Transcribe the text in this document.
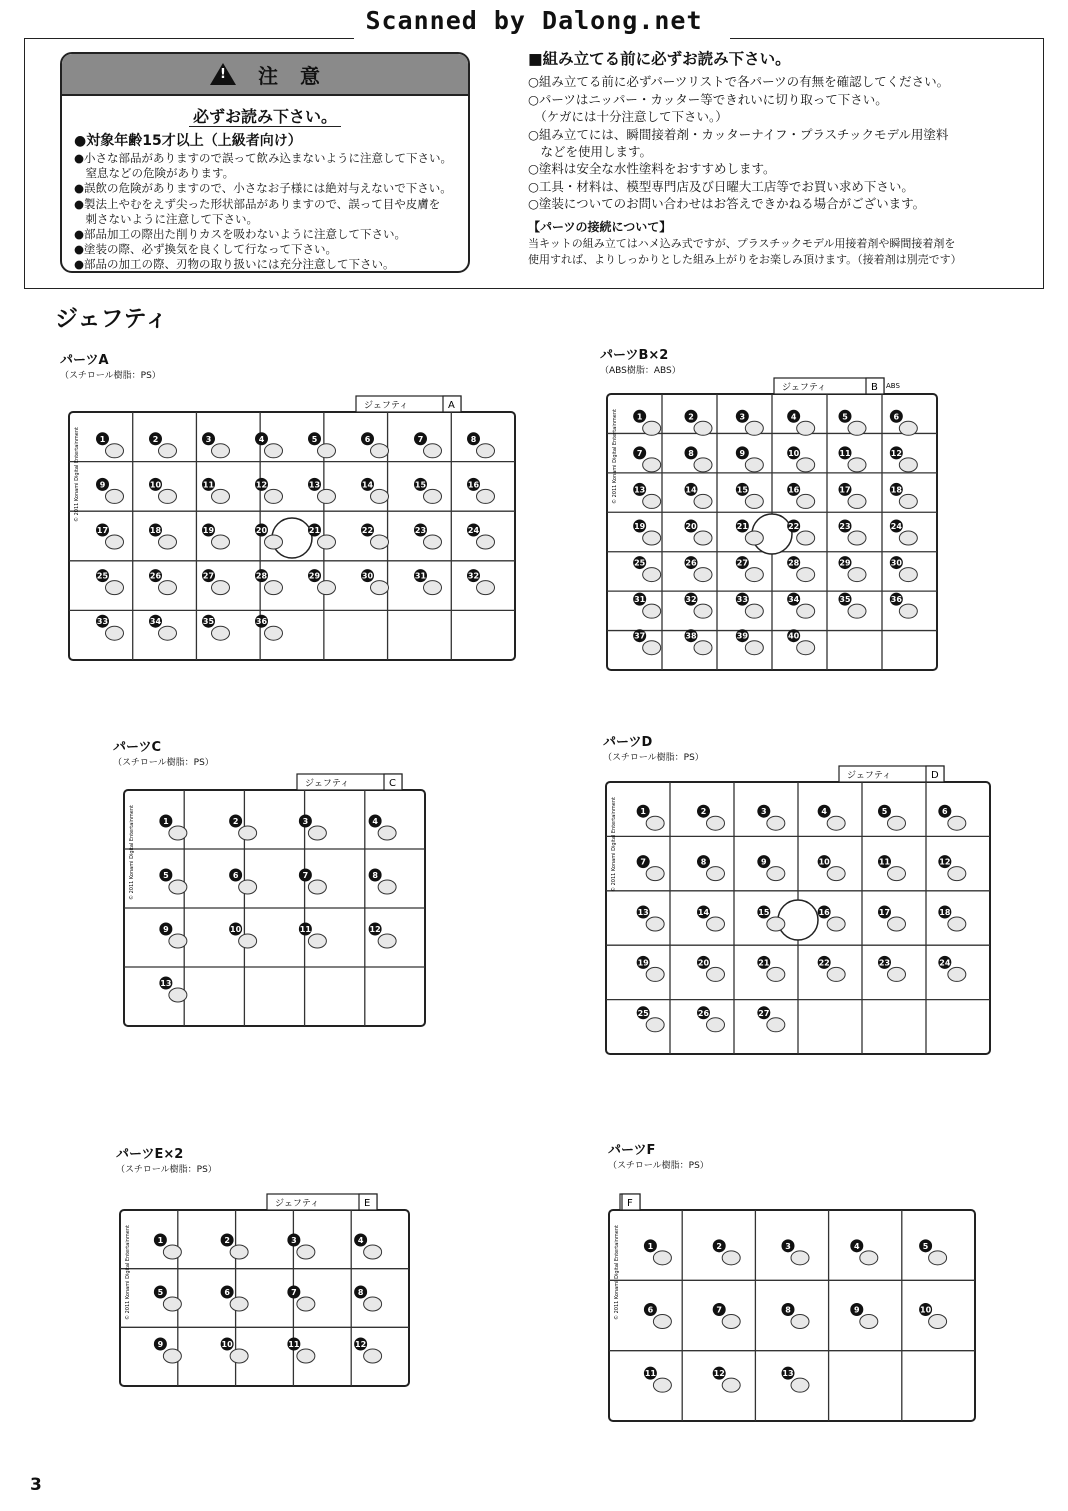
Scanned by Dalong.net
! 注 意
必ずお読み下さい。
●対象年齢15才以上（上級者向け）
●小さな部品がありますので誤って飲み込まないように注意して下さい。
　窒息などの危険があります。
●誤飲の危険がありますので、小さなお子様には絶対与えないで下さい。
●製法上やむをえず尖った形状部品がありますので、誤って目や皮膚を
　刺さないように注意して下さい。
●部品加工の際出た削りカスを吸わないように注意して下さい。
●塗装の際、必ず換気を良くして行なって下さい。
●部品の加工の際、刃物の取り扱いには充分注意して下さい。
■組み立てる前に必ずお読み下さい。
○組み立てる前に必ずパーツリストで各パーツの有無を確認してください。
○パーツはニッパー・カッター等できれいに切り取って下さい。
　（ケガには十分注意して下さい。）
○組み立てには、瞬間接着剤・カッターナイフ・プラスチックモデル用塗料
　などを使用します。
○塗料は安全な水性塗料をおすすめします。
○工具・材料は、模型専門店及び日曜大工店等でお買い求め下さい。
○塗装についてのお問い合わせはお答えできかねる場合がございます。
【パーツの接続について】
当キットの組み立てはハメ込み式ですが、プラスチックモデル用接着剤や瞬間接着剤を
使用すれば、よりしっかりとした組み上がりをお楽しみ頂けます。（接着剤は別売です）
ジェフティ
パーツA
（スチロール樹脂：PS）
パーツB×2
（ABS樹脂：ABS）
パーツC
（スチロール樹脂：PS）
パーツD
（スチロール樹脂：PS）
パーツE×2
（スチロール樹脂：PS）
パーツF
（スチロール樹脂：PS）
ジェフティ	A
1	2	3	4	5	6	7	8
9	10	11	12	13	14	15	16
17	18	19	20	21	22	23	24
25	26	27	28	29	30	31	32
33	34	35	36
© 2011 Konami Digital Entertainment
ジェフティ	B ABS
1	2	3	4	5	6
7	8	9	10	11	12
13	14	15	16	17	18
19	20	21	22	23	24
25	26	27	28	29	30
31	32	33	34	35	36
37	38	39	40
© 2011 Konami Digital Entertainment
ジェフティ	C
1	2	3	4
5	6	7	8
9	10	11	12
13
© 2011 Konami Digital Entertainment
ジェフティ	D
1	2	3	4	5	6
7	8	9	10	11	12
13	14	15	16	17	18
19	20	21	22	23	24
25	26	27
© 2011 Konami Digital Entertainment
ジェフティ	E
1	2	3	4
5	6	7	8
9	10	11	12
© 2011 Konami Digital Entertainment
F
1	2	3	4	5
6	7	8	9	10
11	12	13
© 2011 Konami Digital Entertainment
3
